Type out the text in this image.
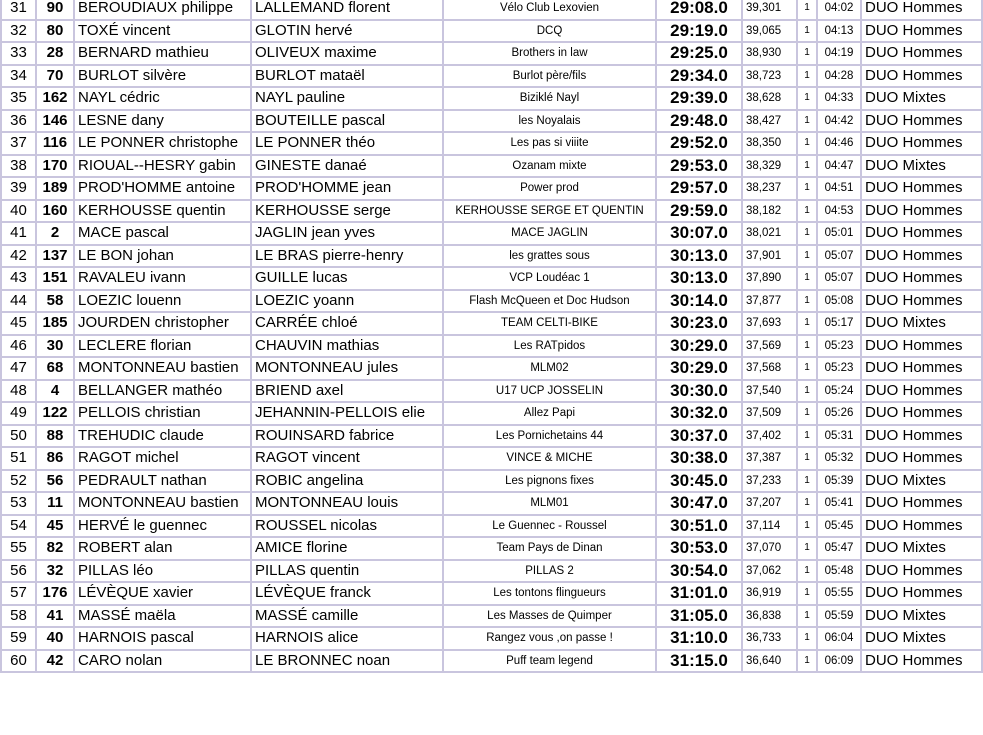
31	90	BEROUDIAUX philippe	LALLEMAND florent	Vélo Club Lexovien	29:08.0	39,301	1	04:02	DUO Hommes
32	80	TOXÉ vincent	GLOTIN hervé	DCQ	29:19.0	39,065	1	04:13	DUO Hommes
33	28	BERNARD mathieu	OLIVEUX maxime	Brothers in law	29:25.0	38,930	1	04:19	DUO Hommes
34	70	BURLOT silvère	BURLOT mataël	Burlot père/fils	29:34.0	38,723	1	04:28	DUO Hommes
35	162	NAYL cédric	NAYL pauline	Biziklé Nayl	29:39.0	38,628	1	04:33	DUO Mixtes
36	146	LESNE dany	BOUTEILLE pascal	les Noyalais	29:48.0	38,427	1	04:42	DUO Hommes
37	116	LE PONNER christophe	LE PONNER théo	Les pas si viiite	29:52.0	38,350	1	04:46	DUO Hommes
38	170	RIOUAL--HESRY gabin	GINESTE danaé	Ozanam mixte	29:53.0	38,329	1	04:47	DUO Mixtes
39	189	PROD'HOMME antoine	PROD'HOMME jean	Power prod	29:57.0	38,237	1	04:51	DUO Hommes
40	160	KERHOUSSE quentin	KERHOUSSE serge	KERHOUSSE SERGE ET QUENTIN	29:59.0	38,182	1	04:53	DUO Hommes
41	2	MACE pascal	JAGLIN jean yves	MACE JAGLIN	30:07.0	38,021	1	05:01	DUO Hommes
42	137	LE BON johan	LE BRAS pierre-henry	les grattes sous	30:13.0	37,901	1	05:07	DUO Hommes
43	151	RAVALEU ivann	GUILLE lucas	VCP Loudéac 1	30:13.0	37,890	1	05:07	DUO Hommes
44	58	LOEZIC louenn	LOEZIC yoann	Flash McQueen et Doc Hudson	30:14.0	37,877	1	05:08	DUO Hommes
45	185	JOURDEN christopher	CARRÉE chloé	TEAM CELTI-BIKE	30:23.0	37,693	1	05:17	DUO Mixtes
46	30	LECLERE florian	CHAUVIN mathias	Les RATpidos	30:29.0	37,569	1	05:23	DUO Hommes
47	68	MONTONNEAU bastien	MONTONNEAU jules	MLM02	30:29.0	37,568	1	05:23	DUO Hommes
48	4	BELLANGER mathéo	BRIEND axel	U17 UCP JOSSELIN	30:30.0	37,540	1	05:24	DUO Hommes
49	122	PELLOIS christian	JEHANNIN-PELLOIS elie	Allez Papi	30:32.0	37,509	1	05:26	DUO Hommes
50	88	TREHUDIC claude	ROUINSARD fabrice	Les Pornichetains 44	30:37.0	37,402	1	05:31	DUO Hommes
51	86	RAGOT michel	RAGOT vincent	VINCE & MICHE	30:38.0	37,387	1	05:32	DUO Hommes
52	56	PEDRAULT nathan	ROBIC angelina	Les pignons fixes	30:45.0	37,233	1	05:39	DUO Mixtes
53	11	MONTONNEAU bastien	MONTONNEAU louis	MLM01	30:47.0	37,207	1	05:41	DUO Hommes
54	45	HERVÉ le guennec	ROUSSEL nicolas	Le Guennec - Roussel	30:51.0	37,114	1	05:45	DUO Hommes
55	82	ROBERT alan	AMICE florine	Team Pays de Dinan	30:53.0	37,070	1	05:47	DUO Mixtes
56	32	PILLAS léo	PILLAS quentin	PILLAS 2	30:54.0	37,062	1	05:48	DUO Hommes
57	176	LÉVÈQUE xavier	LÉVÈQUE franck	Les tontons flingueurs	31:01.0	36,919	1	05:55	DUO Hommes
58	41	MASSÉ maëla	MASSÉ camille	Les Masses de Quimper	31:05.0	36,838	1	05:59	DUO Mixtes
59	40	HARNOIS pascal	HARNOIS alice	Rangez vous ,on passe !	31:10.0	36,733	1	06:04	DUO Mixtes
60	42	CARO nolan	LE BRONNEC noan	Puff team legend	31:15.0	36,640	1	06:09	DUO Hommes
